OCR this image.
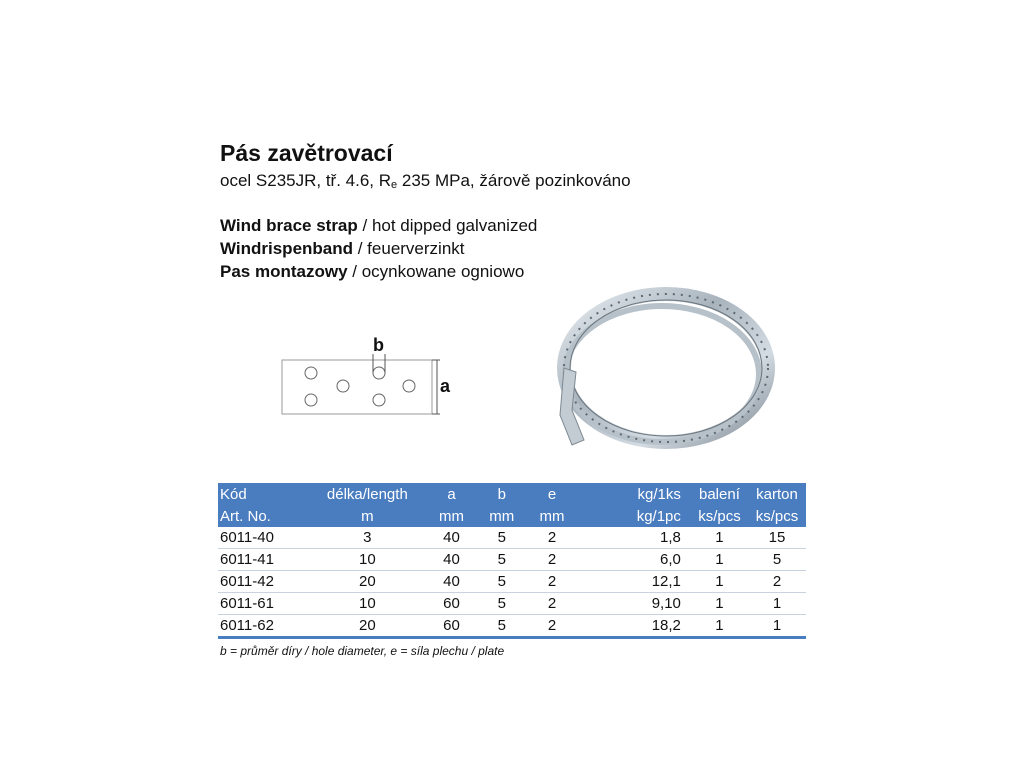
Pás zavětrovací
ocel S235JR, tř. 4.6, $R_e$ 235 MPa, žárově pozinkováno
Wind brace strap / hot dipped galvanized
Windrispenband / feuerverzinkt
Pas montazowy / ocynkowane ogniowo
b
a
Kód	délka/length	a	b	e	kg/1ks	balení	karton
Art. No.	m	mm	mm	mm	kg/1pc	ks/pcs	ks/pcs
6011-40	3	40	5	2	1,8	1	15
6011-41	10	40	5	2	6,0	1	5
6011-42	20	40	5	2	12,1	1	2
6011-61	10	60	5	2	9,10	1	1
6011-62	20	60	5	2	18,2	1	1
b = průměr díry / hole diameter, e = síla plechu / plate
